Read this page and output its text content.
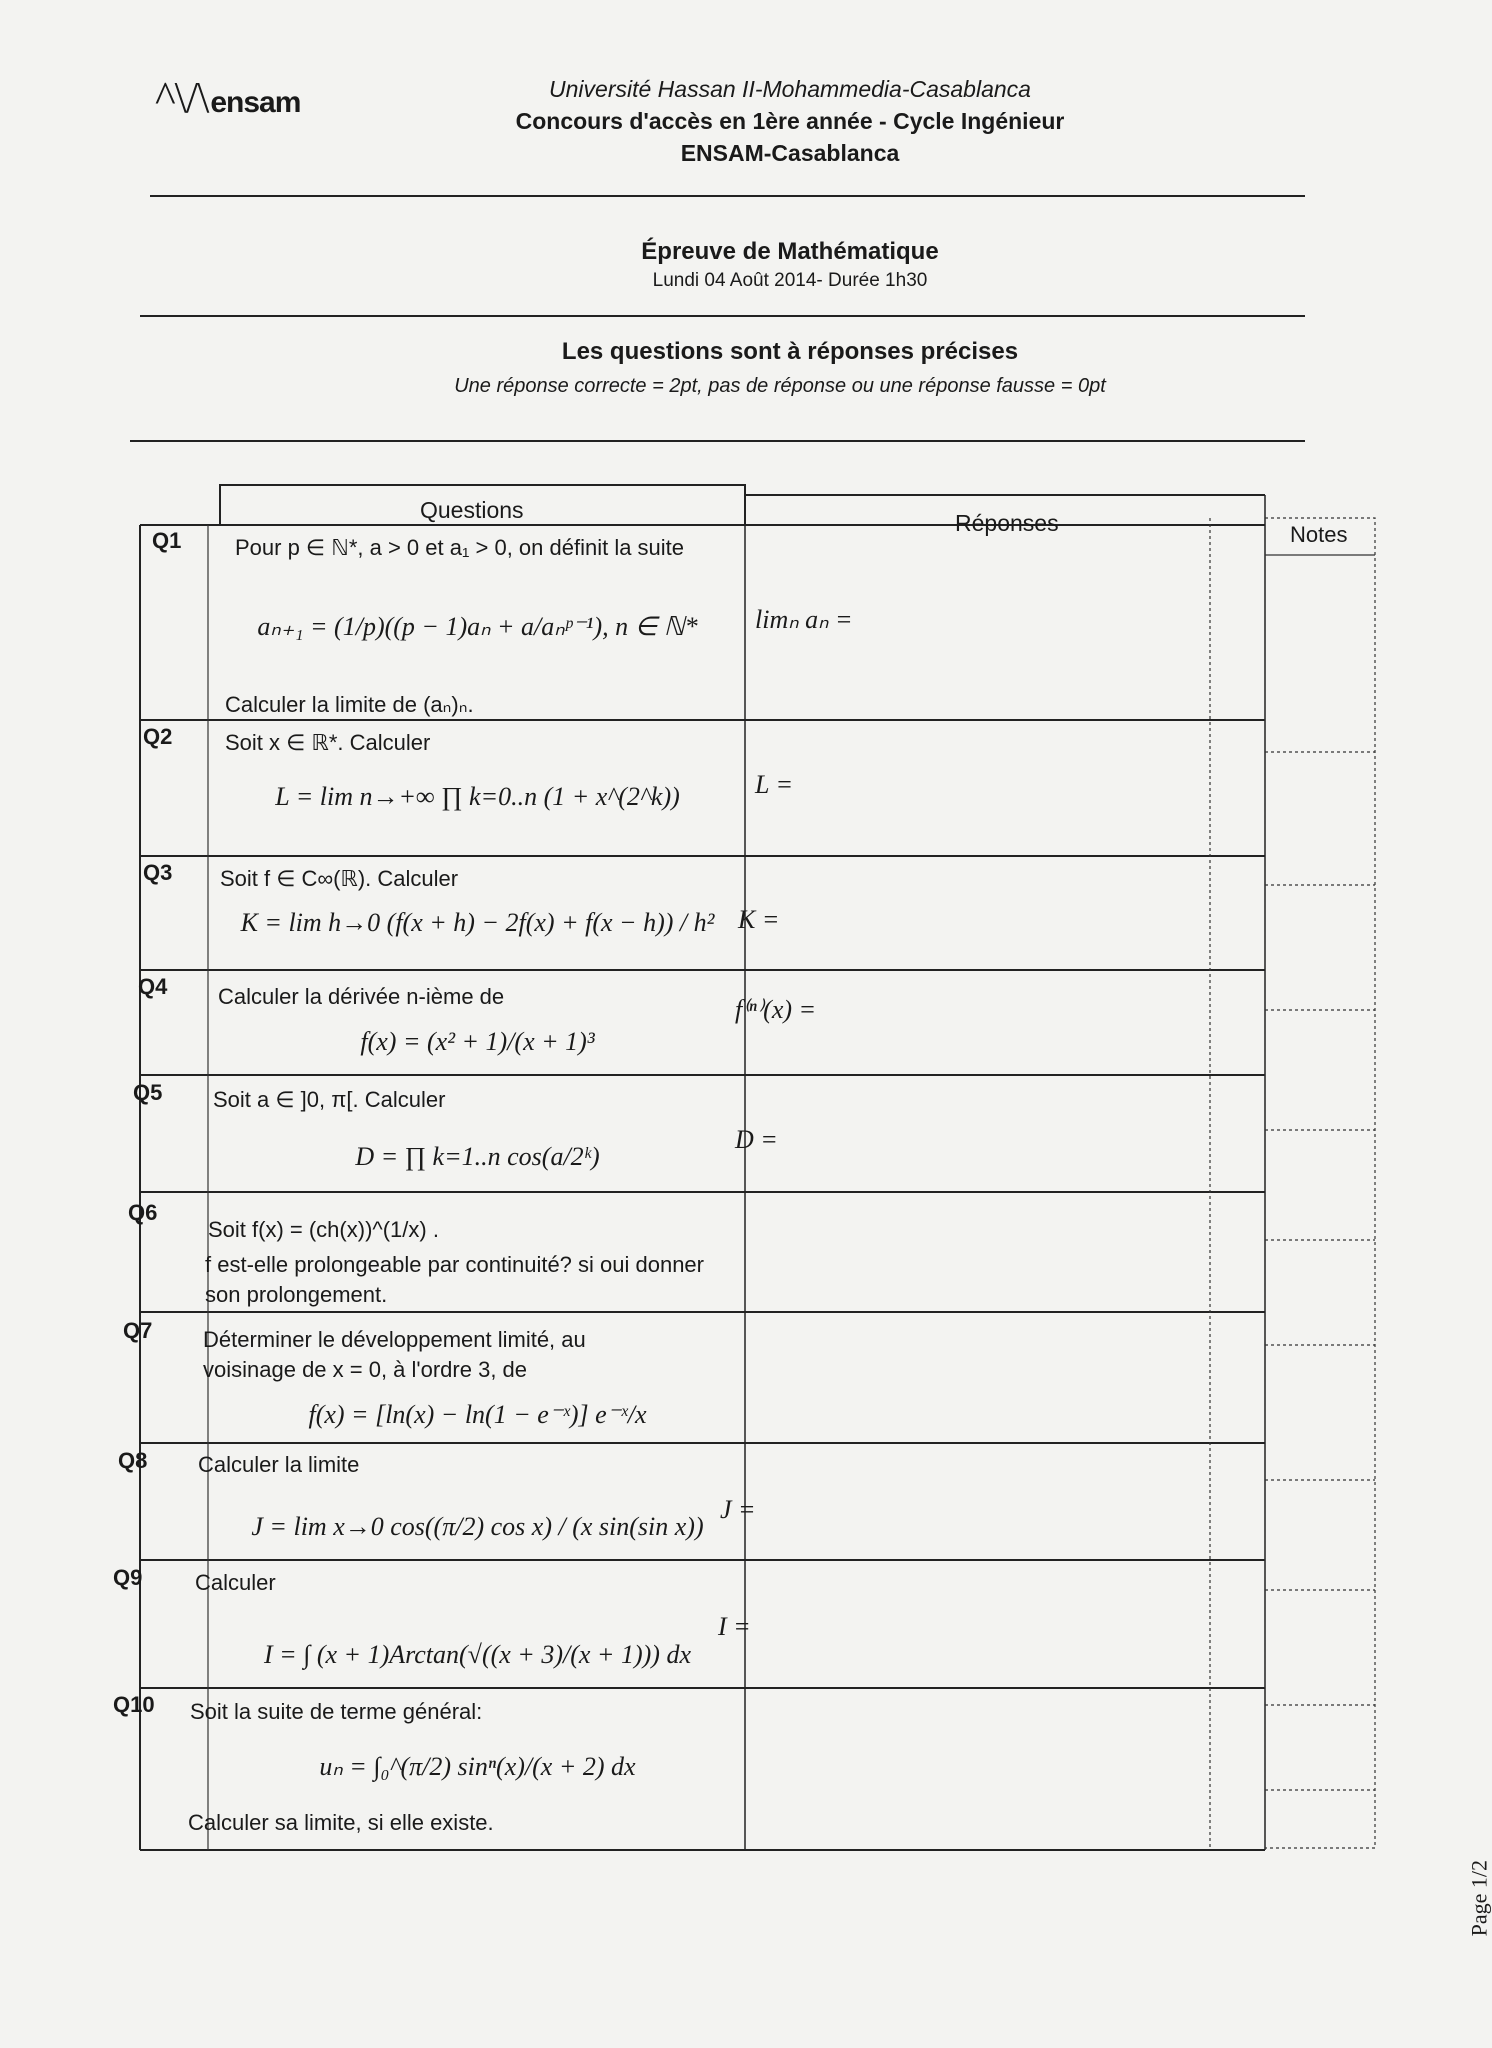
^\/\ensam	Université Hassan II-Mohammedia-Casablanca
Concours d'accès en 1ère année - Cycle Ingénieur
ENSAM-Casablanca
Épreuve de Mathématique
Lundi 04 Août 2014- Durée 1h30
Les questions sont à réponses précises
Une réponse correcte = 2pt, pas de réponse ou une réponse fausse = 0pt
Questions	Réponses	Notes
Q1 Pour p ∈ ℕ*, a > 0 et a₁ > 0, on définit la suite
aₙ₊₁ = (1/p)((p − 1)aₙ + a/aₙᵖ⁻¹), n ∈ ℕ*
Calculer la limite de (aₙ)ₙ.
limₙ aₙ =
Q2 Soit x ∈ ℝ*. Calculer
L = lim n→+∞ ∏ k=0..n (1 + x^(2^k))	L =
Q3 Soit f ∈ C∞(ℝ). Calculer
K = lim h→0 (f(x + h) − 2f(x) + f(x − h)) / h² K =
Q4 Calculer la dérivée n-ième de
f(x) = (x² + 1)/(x + 1)³
f⁽ⁿ⁾(x) =
Q5 Soit a ∈ ]0, π[. Calculer
D = ∏ k=1..n cos(a/2ᵏ)
D =
Q6
Soit f(x) = (ch(x))^(1/x) .
f est-elle prolongeable par continuité? si oui donner son prolongement.
Q7 Déterminer le développement limité, au voisinage de x = 0, à l'ordre 3, de
f(x) = [ln(x) − ln(1 − e⁻ˣ)] e⁻ˣ/x
Q8 Calculer la limite
J = lim x→0 cos((π/2) cos x) / (x sin(sin x))
J =
Q9 Calculer
I = ∫ (x + 1)Arctan(√((x + 3)/(x + 1))) dx
I =
Q10 Soit la suite de terme général:
uₙ = ∫₀^(π/2) sinⁿ(x)/(x + 2) dx
Calculer sa limite, si elle existe.
Page 1/2
